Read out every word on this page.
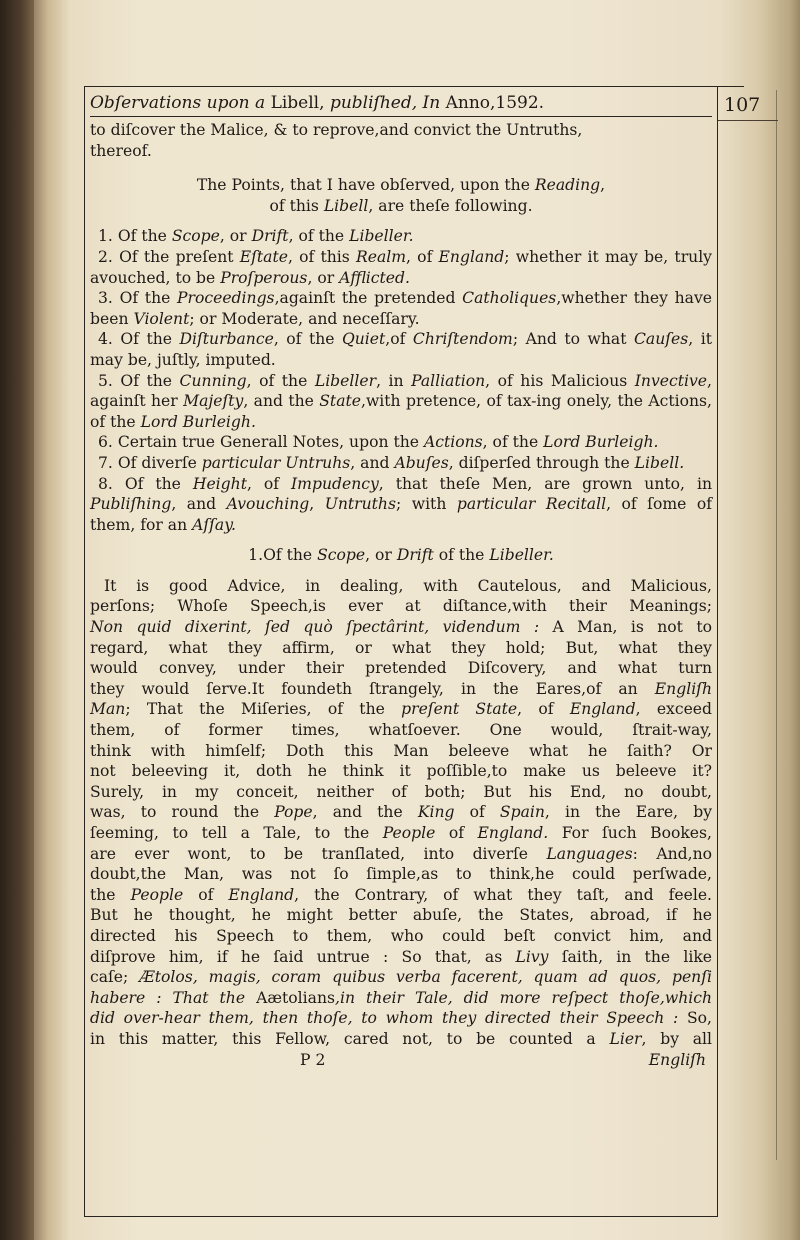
107
Obſervations upon a Libell, publiſhed, In Anno,1592.

to diſcover the Malice, & to reprove,and convict the Untruths,

thereof.

The Points, that I have obſerved, upon the Reading,

of this Libell, are theſe following.

1. Of the Scope, or Drift, of the Libeller.

2. Of the preſent Eſtate, of this Realm, of England; whether it may be, truly avouched, to be Proſperous, or Afflicted.

3. Of the Proceedings,againſt the pretended Catholiques,whether they have been Violent; or Moderate, and neceſſary.

4. Of the Diſturbance, of the Quiet,of Chriſtendom; And to what Cauſes, it may be, juſtly, imputed.

5. Of the Cunning, of the Libeller, in Palliation, of his Malicious Invective, againſt her Majeſty, and the State,with pretence, of tax-ing onely, the Actions, of the Lord Burleigh.

6. Certain true Generall Notes, upon the Actions, of the Lord Burleigh.

7. Of diverſe particular Untruhs, and Abuſes, diſperſed through the Libell.

8. Of the Height, of Impudency, that theſe Men, are grown unto, in Publiſhing, and Avouching, Untruths; with particular Recitall, of ſome of them, for an Aſſay.

1.Of the Scope, or Drift of the Libeller.

It is good Advice, in dealing, with Cautelous, and Malicious,

perſons; Whoſe Speech,is ever at diſtance,with their Meanings;

Non quid dixerint, ſed quò ſpectârint, videndum : A Man, is not to

regard, what they affirm, or what they hold; But, what they

would convey, under their pretended Diſcovery, and what turn

they would ſerve.It foundeth ſtrangely, in the Eares,of an Engliſh

Man; That the Miſeries, of the preſent State, of England, exceed

them, of former times, whatſoever. One would, ſtrait-way,

think with himſelf; Doth this Man beleeve what he ſaith? Or

not beleeving it, doth he think it poſſible,to make us beleeve it?

Surely, in my conceit, neither of both; But his End, no doubt,

was, to round the Pope, and the King of Spain, in the Eare, by

ſeeming, to tell a Tale, to the People of England. For ſuch Bookes,

are ever wont, to be tranſlated, into diverſe Languages: And,no

doubt,the Man, was not ſo ſimple,as to think,he could perſwade,

the People of England, the Contrary, of what they taſt, and feele.

But he thought, he might better abuſe, the States, abroad, if he

directed his Speech to them, who could beſt convict him, and

diſprove him, if he ſaid untrue : So that, as Livy ſaith, in the like

caſe; Ætolos, magis, coram quibus verba facerent, quam ad quos, penſi

habere : That the Aætolians,in their Tale, did more reſpect thoſe,which

did over-hear them, then thoſe, to whom they directed their Speech : So,

in this matter, this Fellow, cared not, to be counted a Lier, by all

P 2	Engliſh
